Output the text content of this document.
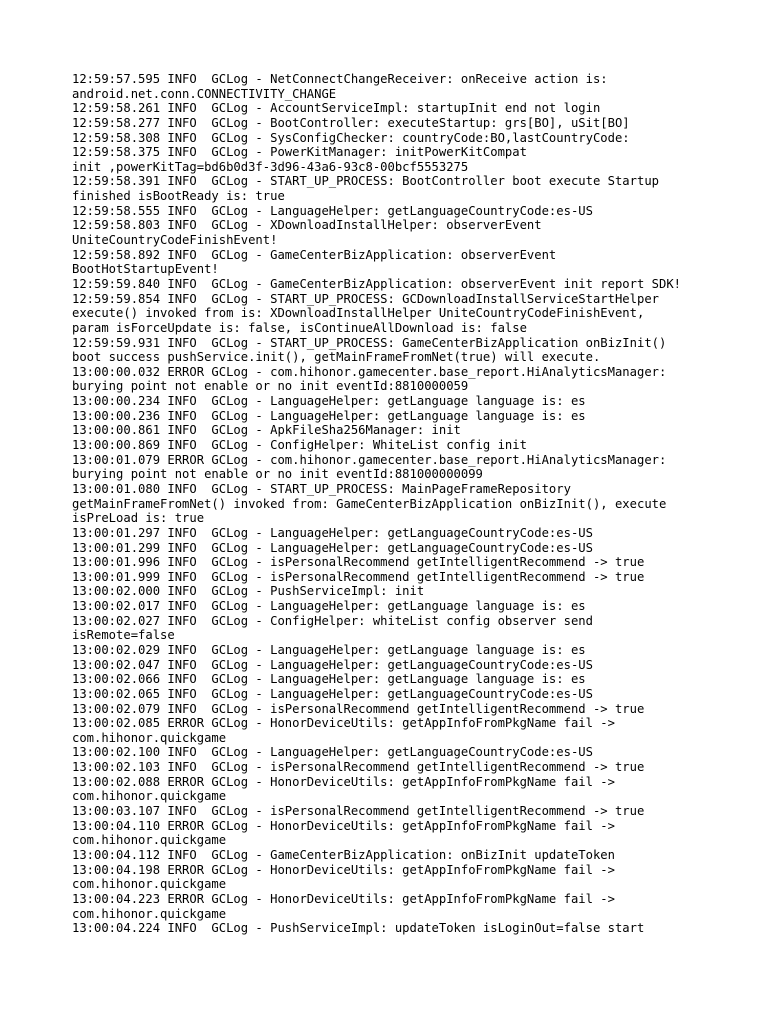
12:59:57.595 INFO  GCLog - NetConnectChangeReceiver: onReceive action is:
android.net.conn.CONNECTIVITY_CHANGE
12:59:58.261 INFO  GCLog - AccountServiceImpl: startupInit end not login
12:59:58.277 INFO  GCLog - BootController: executeStartup: grs[BO], uSit[BO]
12:59:58.308 INFO  GCLog - SysConfigChecker: countryCode:BO,lastCountryCode:
12:59:58.375 INFO  GCLog - PowerKitManager: initPowerKitCompat
init ,powerKitTag=bd6b0d3f-3d96-43a6-93c8-00bcf5553275
12:59:58.391 INFO  GCLog - START_UP_PROCESS: BootController boot execute Startup
finished isBootReady is: true
12:59:58.555 INFO  GCLog - LanguageHelper: getLanguageCountryCode:es-US
12:59:58.803 INFO  GCLog - XDownloadInstallHelper: observerEvent
UniteCountryCodeFinishEvent!
12:59:58.892 INFO  GCLog - GameCenterBizApplication: observerEvent
BootHotStartupEvent!
12:59:59.840 INFO  GCLog - GameCenterBizApplication: observerEvent init report SDK!
12:59:59.854 INFO  GCLog - START_UP_PROCESS: GCDownloadInstallServiceStartHelper
execute() invoked from is: XDownloadInstallHelper UniteCountryCodeFinishEvent,
param isForceUpdate is: false, isContinueAllDownload is: false
12:59:59.931 INFO  GCLog - START_UP_PROCESS: GameCenterBizApplication onBizInit()
boot success pushService.init(), getMainFrameFromNet(true) will execute.
13:00:00.032 ERROR GCLog - com.hihonor.gamecenter.base_report.HiAnalyticsManager:
burying point not enable or no init eventId:8810000059
13:00:00.234 INFO  GCLog - LanguageHelper: getLanguage language is: es
13:00:00.236 INFO  GCLog - LanguageHelper: getLanguage language is: es
13:00:00.861 INFO  GCLog - ApkFileSha256Manager: init
13:00:00.869 INFO  GCLog - ConfigHelper: WhiteList config init
13:00:01.079 ERROR GCLog - com.hihonor.gamecenter.base_report.HiAnalyticsManager:
burying point not enable or no init eventId:881000000099
13:00:01.080 INFO  GCLog - START_UP_PROCESS: MainPageFrameRepository
getMainFrameFromNet() invoked from: GameCenterBizApplication onBizInit(), execute
isPreLoad is: true
13:00:01.297 INFO  GCLog - LanguageHelper: getLanguageCountryCode:es-US
13:00:01.299 INFO  GCLog - LanguageHelper: getLanguageCountryCode:es-US
13:00:01.996 INFO  GCLog - isPersonalRecommend getIntelligentRecommend -> true
13:00:01.999 INFO  GCLog - isPersonalRecommend getIntelligentRecommend -> true
13:00:02.000 INFO  GCLog - PushServiceImpl: init
13:00:02.017 INFO  GCLog - LanguageHelper: getLanguage language is: es
13:00:02.027 INFO  GCLog - ConfigHelper: whiteList config observer send
isRemote=false
13:00:02.029 INFO  GCLog - LanguageHelper: getLanguage language is: es
13:00:02.047 INFO  GCLog - LanguageHelper: getLanguageCountryCode:es-US
13:00:02.066 INFO  GCLog - LanguageHelper: getLanguage language is: es
13:00:02.065 INFO  GCLog - LanguageHelper: getLanguageCountryCode:es-US
13:00:02.079 INFO  GCLog - isPersonalRecommend getIntelligentRecommend -> true
13:00:02.085 ERROR GCLog - HonorDeviceUtils: getAppInfoFromPkgName fail ->
com.hihonor.quickgame
13:00:02.100 INFO  GCLog - LanguageHelper: getLanguageCountryCode:es-US
13:00:02.103 INFO  GCLog - isPersonalRecommend getIntelligentRecommend -> true
13:00:02.088 ERROR GCLog - HonorDeviceUtils: getAppInfoFromPkgName fail ->
com.hihonor.quickgame
13:00:03.107 INFO  GCLog - isPersonalRecommend getIntelligentRecommend -> true
13:00:04.110 ERROR GCLog - HonorDeviceUtils: getAppInfoFromPkgName fail ->
com.hihonor.quickgame
13:00:04.112 INFO  GCLog - GameCenterBizApplication: onBizInit updateToken
13:00:04.198 ERROR GCLog - HonorDeviceUtils: getAppInfoFromPkgName fail ->
com.hihonor.quickgame
13:00:04.223 ERROR GCLog - HonorDeviceUtils: getAppInfoFromPkgName fail ->
com.hihonor.quickgame
13:00:04.224 INFO  GCLog - PushServiceImpl: updateToken isLoginOut=false start
